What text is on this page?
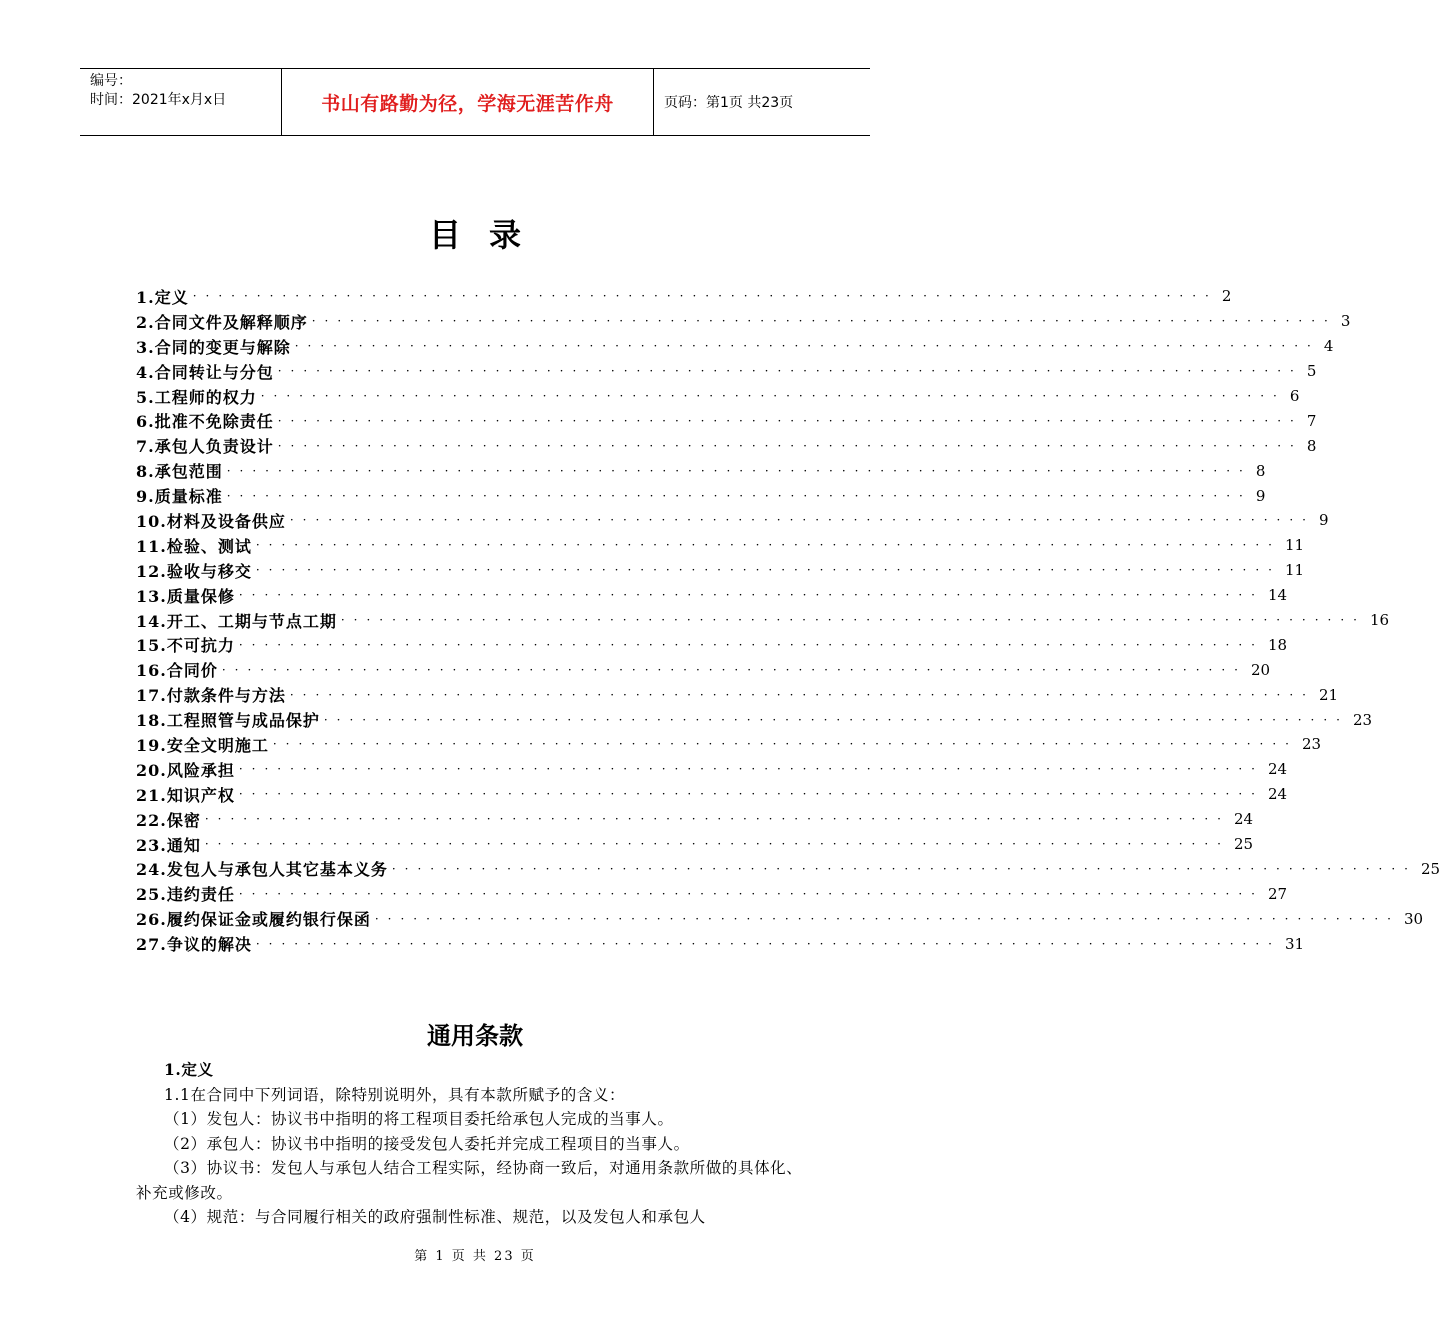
编号：
时间：2021年x月x日	书山有路勤为径，学海无涯苦作舟	页码：第1页 共23页
目录
1.定义 ················································································ 2
2.合同文件及解释顺序 ················································································ 3
3.合同的变更与解除 ················································································ 4
4.合同转让与分包 ················································································ 5
5.工程师的权力 ················································································ 6
6.批准不免除责任 ················································································ 7
7.承包人负责设计 ················································································ 8
8.承包范围 ················································································ 8
9.质量标准 ················································································ 9
10.材料及设备供应 ················································································ 9
11.检验、测试 ················································································ 11
12.验收与移交 ················································································ 11
13.质量保修 ················································································ 14
14.开工、工期与节点工期 ················································································ 16
15.不可抗力 ················································································ 18
16.合同价 ················································································ 20
17.付款条件与方法 ················································································ 21
18.工程照管与成品保护 ················································································ 23
19.安全文明施工 ················································································ 23
20.风险承担 ················································································ 24
21.知识产权 ················································································ 24
22.保密 ················································································ 24
23.通知 ················································································ 25
24.发包人与承包人其它基本义务 ················································································ 25
25.违约责任 ················································································ 27
26.履约保证金或履约银行保函 ················································································ 30
27.争议的解决 ················································································ 31
通用条款

1.定义

1.1在合同中下列词语，除特别说明外，具有本款所赋予的含义：

（1）发包人：协议书中指明的将工程项目委托给承包人完成的当事人。

（2）承包人：协议书中指明的接受发包人委托并完成工程项目的当事人。

（3）协议书：发包人与承包人结合工程实际，经协商一致后，对通用条款所做的具体化、补充或修改。

（4）规范：与合同履行相关的政府强制性标准、规范，以及发包人和承包人

第 1 页 共 23 页
